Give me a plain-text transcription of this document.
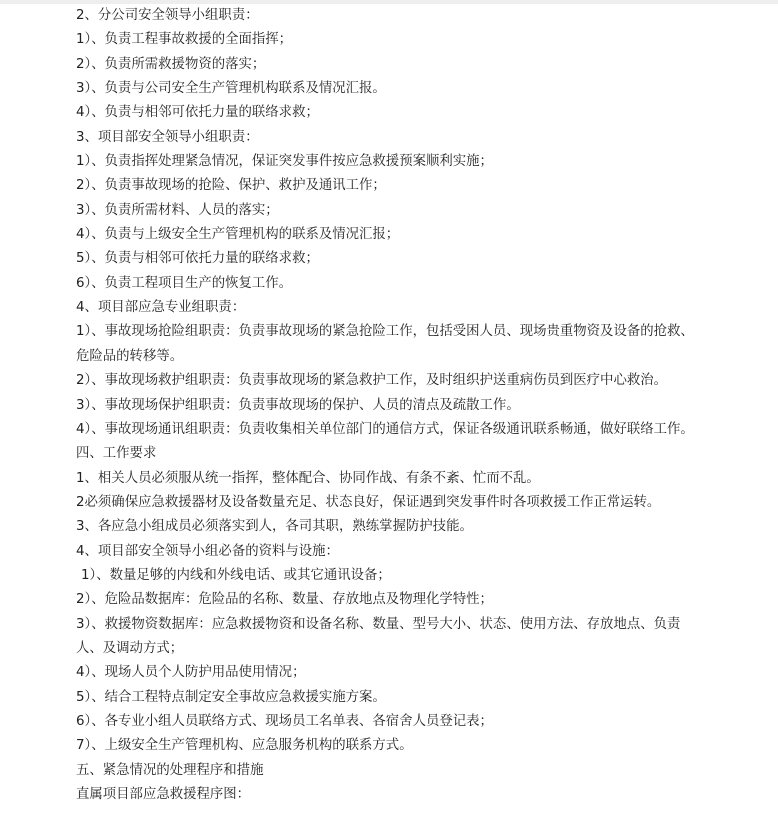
2、分公司安全领导小组职责：
1）、负责工程事故救援的全面指挥；
2）、负责所需救援物资的落实；
3）、负责与公司安全生产管理机构联系及情况汇报。
4）、负责与相邻可依托力量的联络求救；
3、项目部安全领导小组职责：
1）、负责指挥处理紧急情况，保证突发事件按应急救援预案顺利实施；
2）、负责事故现场的抢险、保护、救护及通讯工作；
3）、负责所需材料、人员的落实；
4）、负责与上级安全生产管理机构的联系及情况汇报；
5）、负责与相邻可依托力量的联络求救；
6）、负责工程项目生产的恢复工作。
4、项目部应急专业组职责：
1）、事故现场抢险组职责：负责事故现场的紧急抢险工作，包括受困人员、现场贵重物资及设备的抢救、
危险品的转移等。
2）、事故现场救护组职责：负责事故现场的紧急救护工作，及时组织护送重病伤员到医疗中心救治。
3）、事故现场保护组职责：负责事故现场的保护、人员的清点及疏散工作。
4）、事故现场通讯组职责：负责收集相关单位部门的通信方式，保证各级通讯联系畅通，做好联络工作。
四、工作要求
1、相关人员必须服从统一指挥，整体配合、协同作战、有条不紊、忙而不乱。
2必须确保应急救援器材及设备数量充足、状态良好，保证遇到突发事件时各项救援工作正常运转。
3、各应急小组成员必须落实到人，各司其职，熟练掌握防护技能。
4、项目部安全领导小组必备的资料与设施：
1）、数量足够的内线和外线电话、或其它通讯设备；
2）、危险品数据库：危险品的名称、数量、存放地点及物理化学特性；
3）、救援物资数据库：应急救援物资和设备名称、数量、型号大小、状态、使用方法、存放地点、负责
人、及调动方式；
4）、现场人员个人防护用品使用情况；
5）、结合工程特点制定安全事故应急救援实施方案。
6）、各专业小组人员联络方式、现场员工名单表、各宿舍人员登记表；
7）、上级安全生产管理机构、应急服务机构的联系方式。
五、紧急情况的处理程序和措施
直属项目部应急救援程序图：
